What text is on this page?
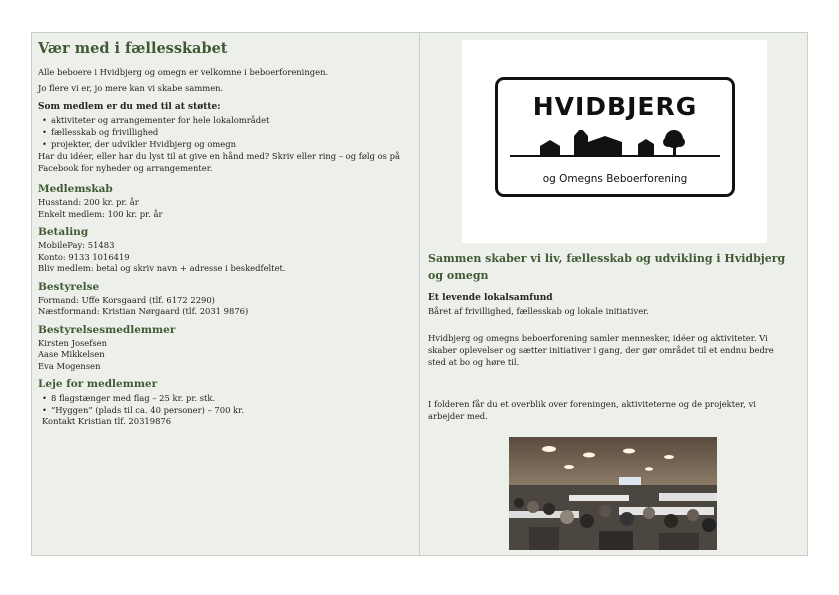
Vær med i fællesskabet

Alle beboere i Hvidbjerg og omegn er velkomne i beboerforeningen.

Jo flere vi er, jo mere kan vi skabe sammen.

Som medlem er du med til at støtte:
• aktiviteter og arrangementer for hele lokalområdet
• fællesskab og frivillighed
• projekter, der udvikler Hvidbjerg og omegn

Har du idéer, eller har du lyst til at give en hånd med? Skriv eller ring – og følg os på Facebook for nyheder og arrangementer.

Medlemskab

Husstand: 200 kr. pr. år

Enkelt medlem: 100 kr. pr. år

Betaling

MobilePay: 51483

Konto: 9133 1016419

Bliv medlem: betal og skriv navn + adresse i beskedfeltet.

Bestyrelse

Formand: Uffe Korsgaard (tlf. 6172 2290)

Næstformand: Kristian Nørgaard (tlf. 2031 9876)

Bestyrelsesmedlemmer

Kirsten Josefsen

Aase Mikkelsen

Eva Mogensen

Leje for medlemmer
• 8 flagstænger med flag – 25 kr. pr. stk.
• “Hyggen” (plads til ca. 40 personer) – 700 kr.

Kontakt Kristian tlf. 20319876

HVIDBJERG
og Omegns Beboerforening
Sammen skaber vi liv, fællesskab og udvikling i Hvidbjerg og omegn
Et levende lokalsamfund

Båret af frivillighed, fællesskab og lokale initiativer.

Hvidbjerg og omegns beboerforening samler mennesker, idéer og aktiviteter. Vi skaber oplevelser og sætter initiativer i gang, der gør området til et endnu bedre sted at bo og høre til.

I folderen får du et overblik over foreningen, aktiviteterne og de projekter, vi arbejder med.
